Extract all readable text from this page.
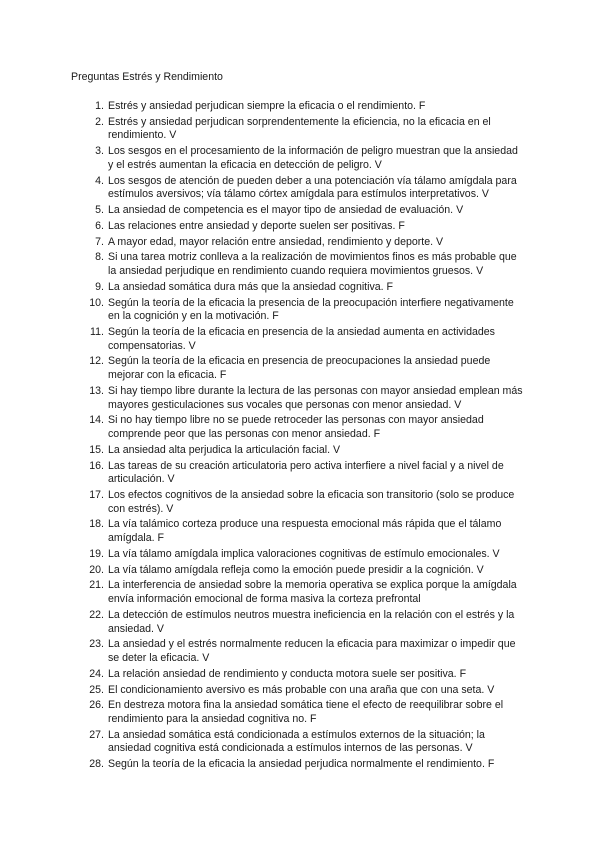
Preguntas Estrés y Rendimiento
1 . Estrés y ansiedad perjudican siempre la eficacia o el rendimiento. F
2 . Estrés y ansiedad perjudican sorprendentemente la eficiencia, no la eficacia en el rendimiento. V
3 . Los sesgos en el procesamiento de la información de peligro muestran que la ansiedad y el estrés aumentan la eficacia en detección de peligro. V
4 . Los sesgos de atención de pueden deber a una potenciación vía tálamo amígdala para estímulos aversivos; vía tálamo córtex amígdala para estímulos interpretativos. V
5 . La ansiedad de competencia es el mayor tipo de ansiedad de evaluación. V
6 . Las relaciones entre ansiedad y deporte suelen ser positivas. F
7 . A mayor edad, mayor relación entre ansiedad, rendimiento y deporte. V
8 . Si una tarea motriz conlleva a la realización de movimientos finos es más probable que la ansiedad perjudique en rendimiento cuando requiera movimientos gruesos. V
9 . La ansiedad somática dura más que la ansiedad cognitiva. F
10 . Según la teoría de la eficacia la presencia de la preocupación interfiere negativamente en la cognición y en la motivación. F
11 . Según la teoría de la eficacia en presencia de la ansiedad aumenta en actividades compensatorias. V
12 . Según la teoría de la eficacia en presencia de preocupaciones la ansiedad puede mejorar con la eficacia. F
13 . Si hay tiempo libre durante la lectura de las personas con mayor ansiedad emplean más mayores gesticulaciones sus vocales que personas con menor ansiedad. V
14 . Si no hay tiempo libre no se puede retroceder las personas con mayor ansiedad comprende peor que las personas con menor ansiedad. F
15 . La ansiedad alta perjudica la articulación facial. V
16 . Las tareas de su creación articulatoria pero activa interfiere a nivel facial y a nivel de articulación. V
17 . Los efectos cognitivos de la ansiedad sobre la eficacia son transitorio (solo se produce con estrés). V
18 . La vía talámico corteza produce una respuesta emocional más rápida que el tálamo amígdala. F
19 . La vía tálamo amígdala implica valoraciones cognitivas de estímulo emocionales. V
20 . La vía tálamo amígdala refleja como la emoción puede presidir a la cognición. V
21 . La interferencia de ansiedad sobre la memoria operativa se explica porque la amígdala envía información emocional de forma masiva la corteza prefrontal
22 . La detección de estímulos neutros muestra ineficiencia en la relación con el estrés y la ansiedad. V
23 . La ansiedad y el estrés normalmente reducen la eficacia para maximizar o impedir que se deter la eficacia. V
24 . La relación ansiedad de rendimiento y conducta motora suele ser positiva. F
25 . El condicionamiento aversivo es más probable con una araña que con una seta. V
26 . En destreza motora fina la ansiedad somática tiene el efecto de reequilibrar sobre el rendimiento para la ansiedad cognitiva no. F
27 . La ansiedad somática está condicionada a estímulos externos de la situación; la ansiedad cognitiva está condicionada a estímulos internos de las personas. V
28 . Según la teoría de la eficacia la ansiedad perjudica normalmente el rendimiento. F
